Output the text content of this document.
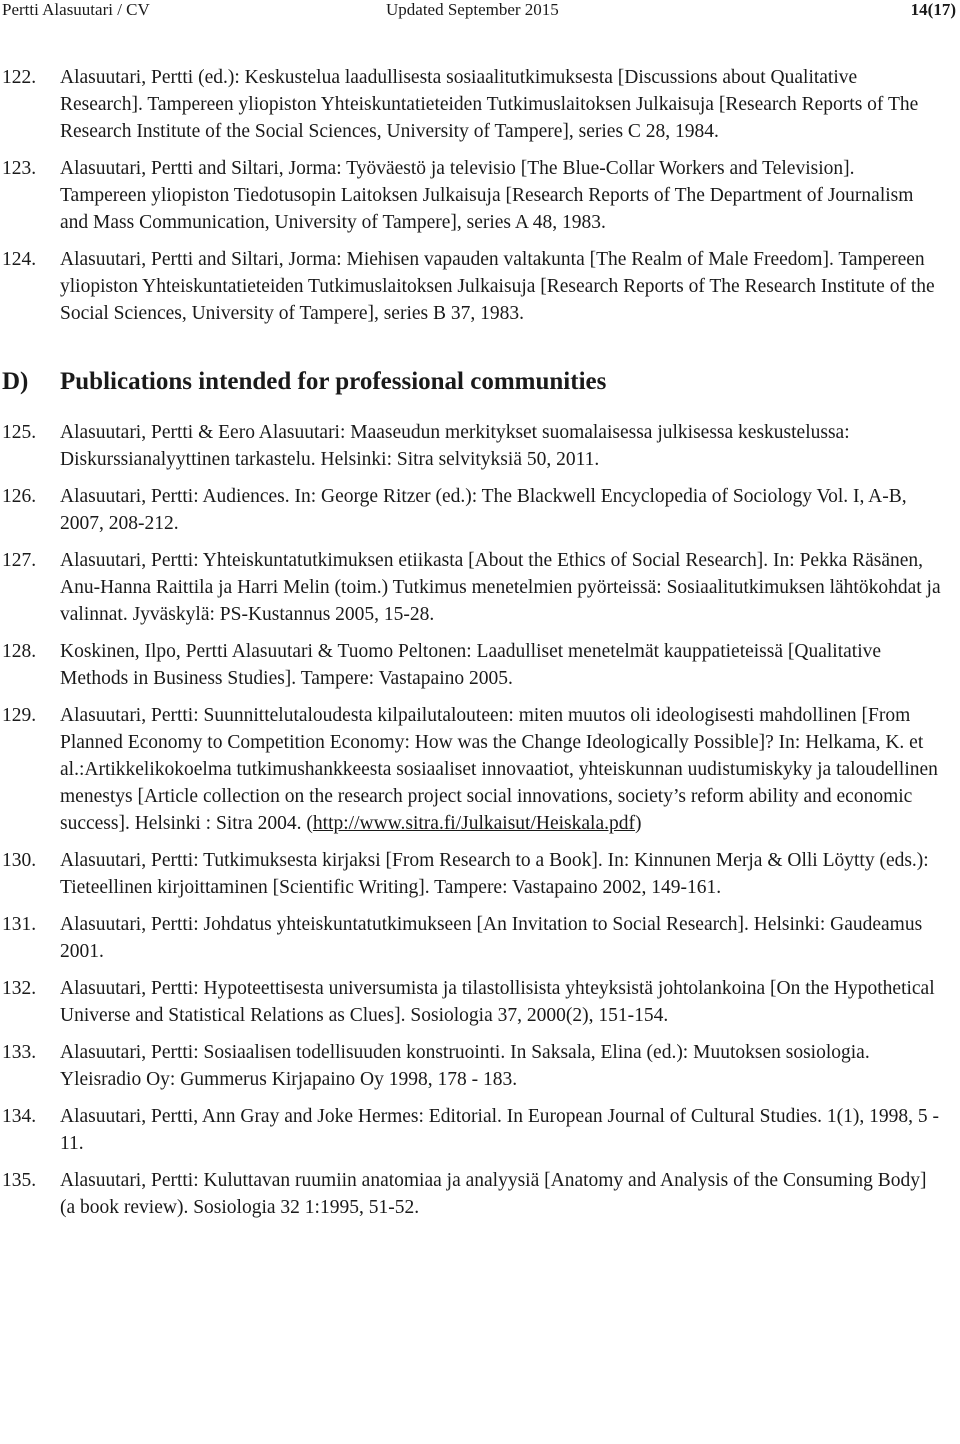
Pertti Alasuutari / CV	Updated September 2015	14(17)
122. Alasuutari, Pertti (ed.): Keskustelua laadullisesta sosiaalitutkimuksesta [Discussions about Qualitative Research]. Tampereen yliopiston Yhteiskuntatieteiden Tutkimuslaitoksen Julkaisuja [Research Reports of The Research Institute of the Social Sciences, University of Tampere], series C 28, 1984.
123. Alasuutari, Pertti and Siltari, Jorma: Työväestö ja televisio [The Blue-Collar Workers and Television]. Tampereen yliopiston Tiedotusopin Laitoksen Julkaisuja [Research Reports of The Department of Journalism and Mass Communication, University of Tampere], series A 48, 1983.
124. Alasuutari, Pertti and Siltari, Jorma: Miehisen vapauden valtakunta [The Realm of Male Freedom]. Tampereen yliopiston Yhteiskuntatieteiden Tutkimuslaitoksen Julkaisuja [Research Reports of The Research Institute of the Social Sciences, University of Tampere], series B 37, 1983.
D) Publications intended for professional communities
125. Alasuutari, Pertti & Eero Alasuutari: Maaseudun merkitykset suomalaisessa julkisessa keskustelussa: Diskurssianalyyttinen tarkastelu. Helsinki: Sitra selvityksiä 50, 2011.
126. Alasuutari, Pertti: Audiences. In: George Ritzer (ed.): The Blackwell Encyclopedia of Sociology Vol. I, A-B, 2007, 208-212.
127. Alasuutari, Pertti: Yhteiskuntatutkimuksen etiikasta [About the Ethics of Social Research]. In: Pekka Räsänen, Anu-Hanna Raittila ja Harri Melin (toim.) Tutkimus menetelmien pyörteissä: Sosiaalitutkimuksen lähtökohdat ja valinnat. Jyväskylä: PS-Kustannus 2005, 15-28.
128. Koskinen, Ilpo, Pertti Alasuutari & Tuomo Peltonen: Laadulliset menetelmät kauppatieteissä [Qualitative Methods in Business Studies]. Tampere: Vastapaino 2005.
129. Alasuutari, Pertti: Suunnittelutaloudesta kilpailutalouteen: miten muutos oli ideologisesti mahdollinen [From Planned Economy to Competition Economy: How was the Change Ideologically Possible]? In: Helkama, K. et al.:Artikkelikokoelma tutkimushankkeesta sosiaaliset innovaatiot, yhteiskunnan uudistumiskyky ja taloudellinen menestys [Article collection on the research project social innovations, society’s reform ability and economic success]. Helsinki : Sitra 2004. (http://www.sitra.fi/Julkaisut/Heiskala.pdf)
130. Alasuutari, Pertti: Tutkimuksesta kirjaksi [From Research to a Book]. In: Kinnunen Merja & Olli Löytty (eds.): Tieteellinen kirjoittaminen [Scientific Writing]. Tampere: Vastapaino 2002, 149-161.
131. Alasuutari, Pertti: Johdatus yhteiskuntatutkimukseen [An Invitation to Social Research]. Helsinki: Gaudeamus 2001.
132. Alasuutari, Pertti: Hypoteettisesta universumista ja tilastollisista yhteyksistä johtolankoina [On the Hypothetical Universe and Statistical Relations as Clues]. Sosiologia 37, 2000(2), 151-154.
133. Alasuutari, Pertti: Sosiaalisen todellisuuden konstruointi. In Saksala, Elina (ed.): Muutoksen sosiologia. Yleisradio Oy: Gummerus Kirjapaino Oy 1998, 178 - 183.
134. Alasuutari, Pertti, Ann Gray and Joke Hermes: Editorial. In European Journal of Cultural Studies. 1(1), 1998, 5 - 11.
135. Alasuutari, Pertti: Kuluttavan ruumiin anatomiaa ja analyysiä [Anatomy and Analysis of the Consuming Body] (a book review). Sosiologia 32 1:1995, 51-52.
